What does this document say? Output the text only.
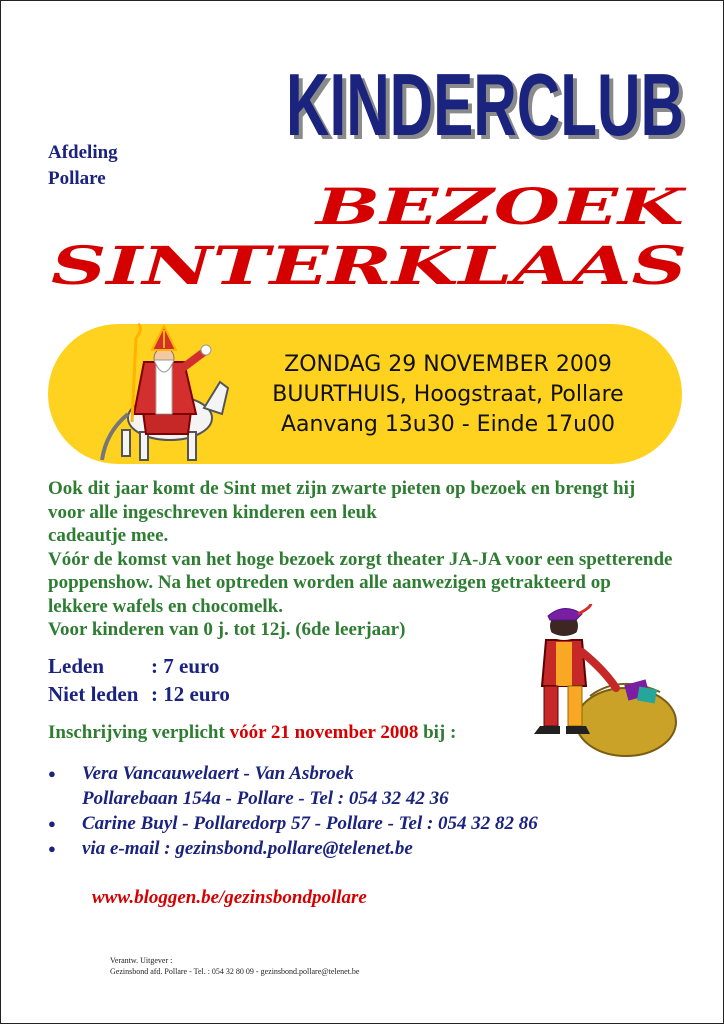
Afdeling
Pollare
KINDERCLUB
KINDERCLUB
BEZOEK
SINTERKLAAS
ZONDAG 29 NOVEMBER 2009
BUURTHUIS, Hoogstraat, Pollare
Aanvang 13u30 - Einde 17u00

Ook dit jaar komt de Sint met zijn zwarte pieten op bezoek en brengt hij voor alle ingeschreven kinderen een leuk
cadeautje mee.

Vóór de komst van het hoge bezoek zorgt theater JA-JA voor een spetterende poppenshow. Na het optreden worden alle aanwezigen getrakteerd op lekkere wafels en chocomelk.

Voor kinderen van 0 j. tot 12j. (6de leerjaar)

Leden : 7 euro
Niet leden : 12 euro
Inschrijving verplicht vóór 21 november 2008 bij :
● Vera Vancauwelaert - Van Asbroek
Pollarebaan 154a - Pollare - Tel : 054 32 42 36
● Carine Buyl - Pollaredorp 57 - Pollare - Tel : 054 32 82 86
● via e-mail : gezinsbond.pollare@telenet.be
www.bloggen.be/gezinsbondpollare
Verantw. Uitgever :
Gezinsbond afd. Pollare - Tel. : 054 32 80 09 - gezinsbond.pollare@telenet.be
